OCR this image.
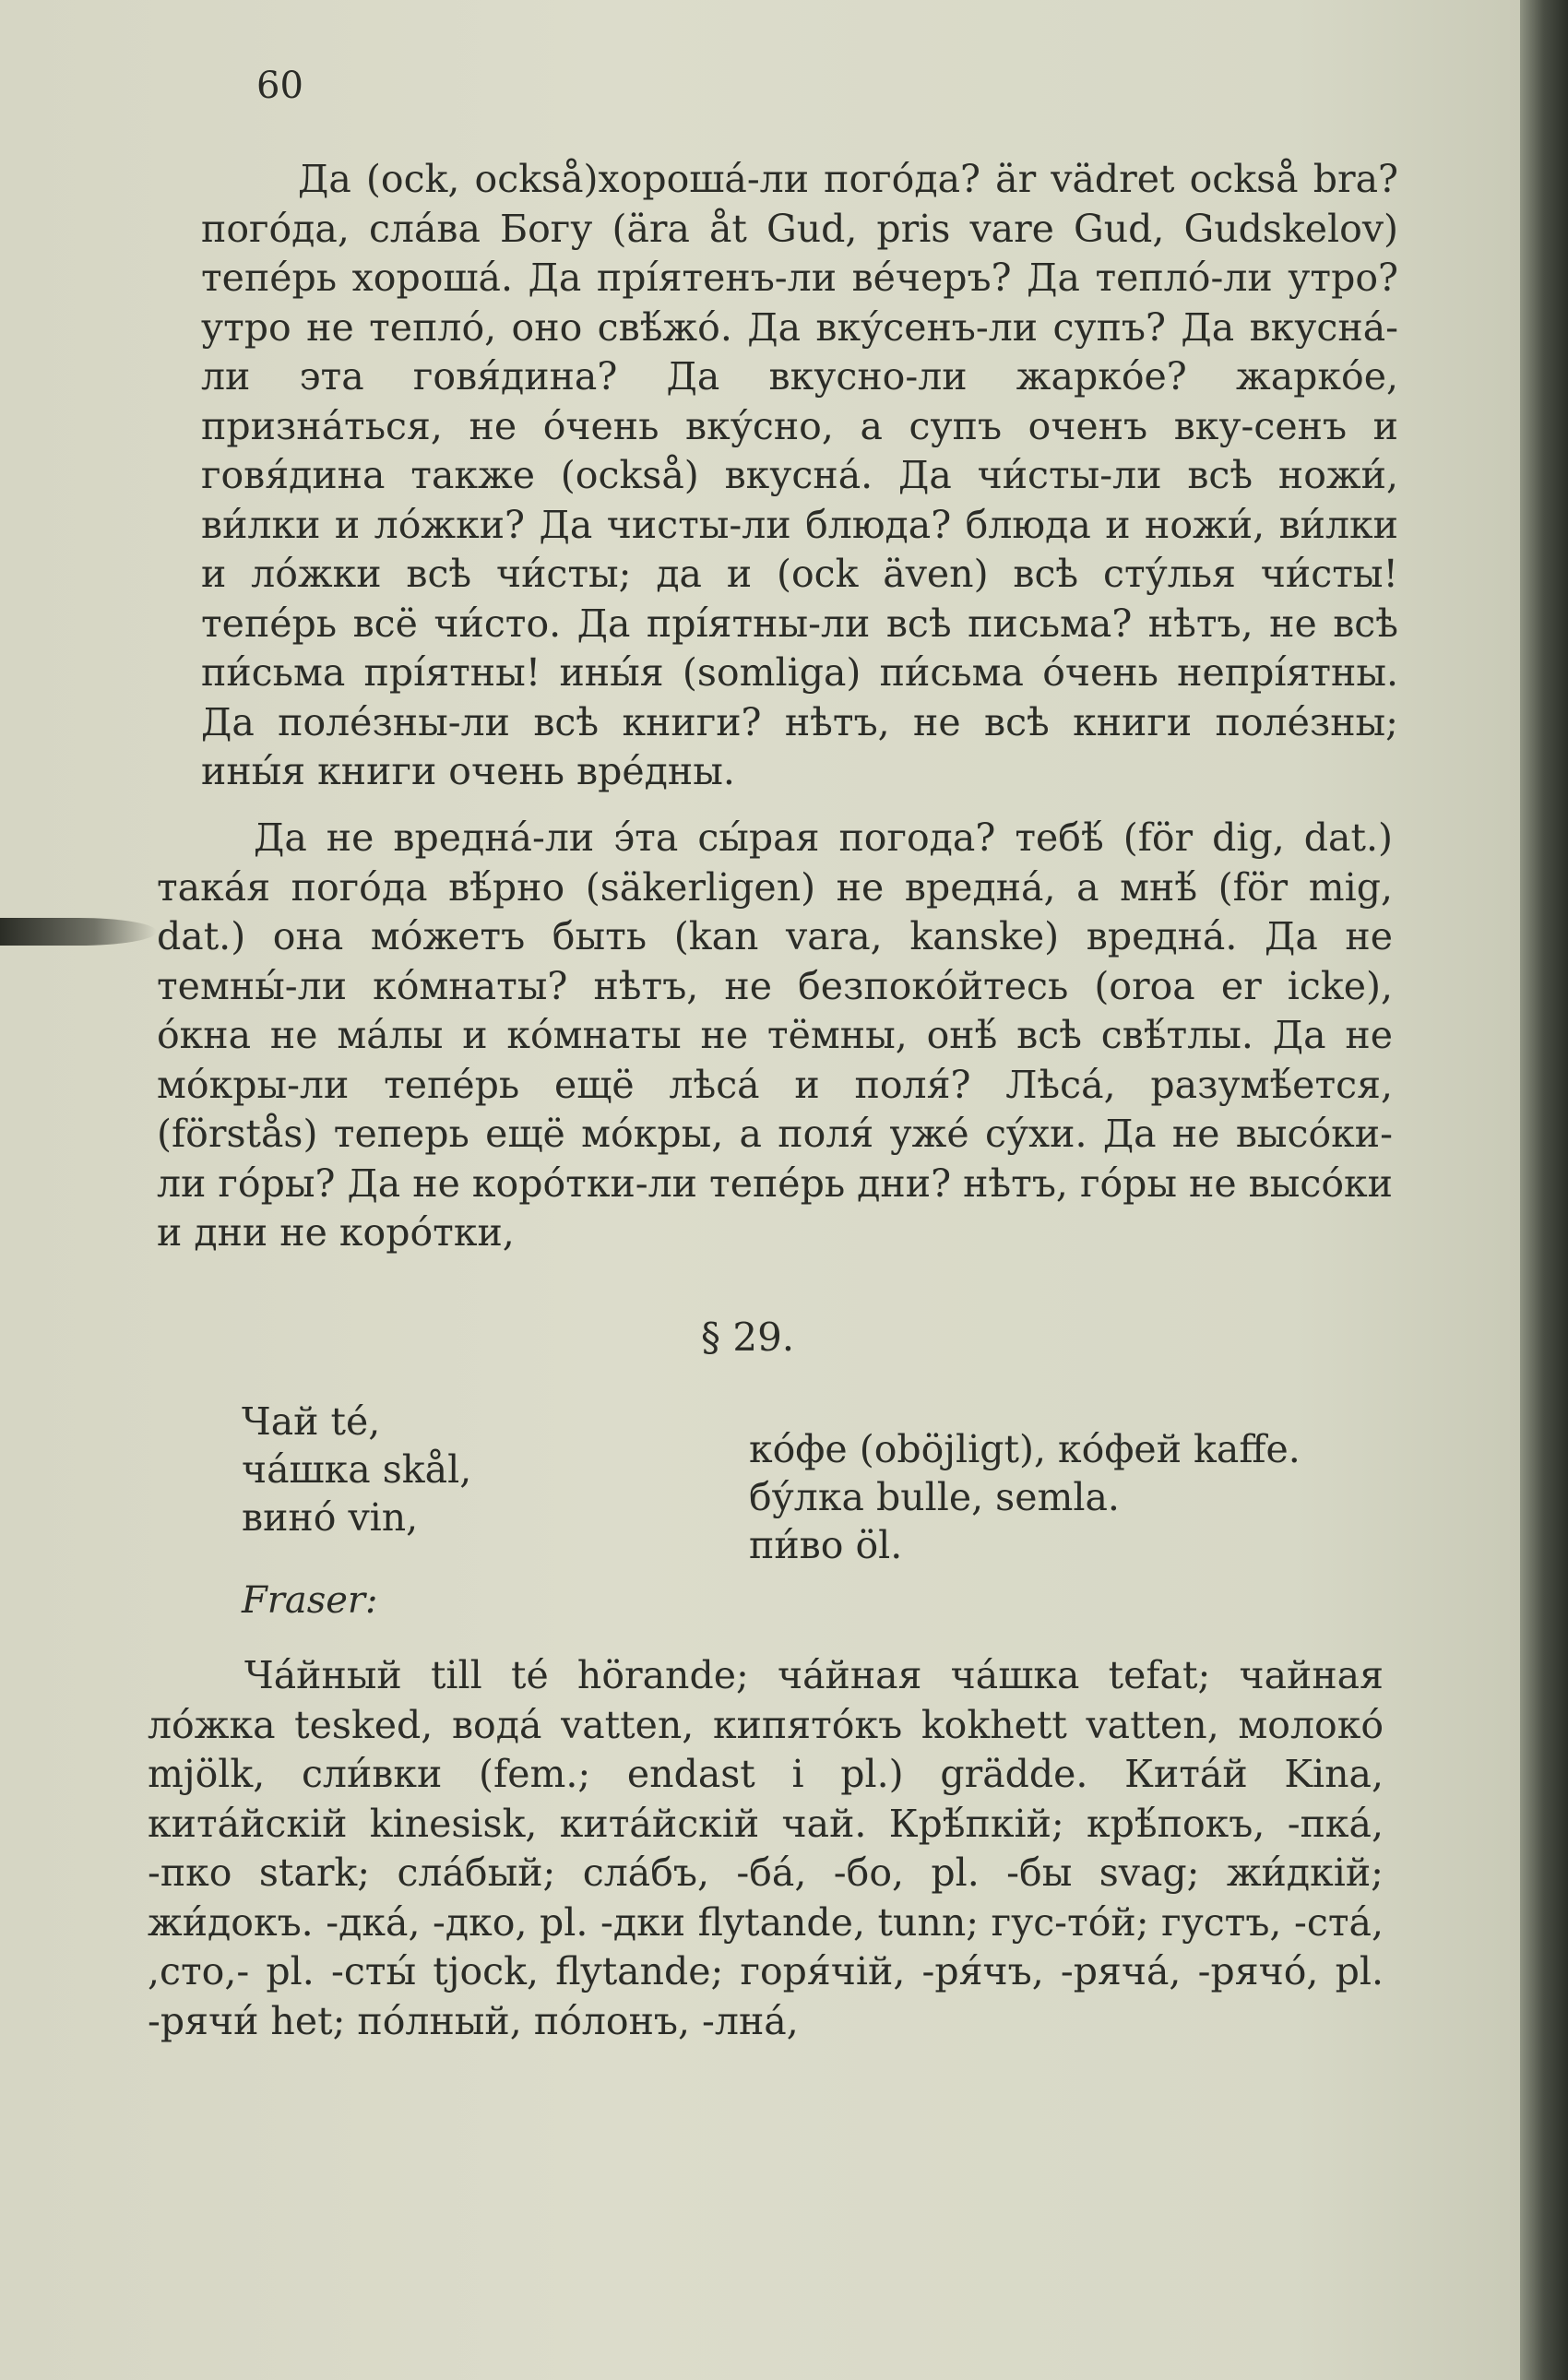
60

Да (ock, också)хороша́-ли пого́да? är vädret också bra? пого́да, сла́ва Богу (ära åt Gud, pris vare Gud, Gudskelov) тепе́рь хороша́. Да прі́ятенъ-ли ве́черъ? Да тепло́-ли утро? утро не тепло́, оно свѣ́жо́. Да вку́сенъ-ли супъ? Да вкусна́-ли эта говя́дина? Да вкусно-ли жарко́е? жарко́е, призна́ться, не о́чень вку́сно, а супъ оченъ вку-сенъ и говя́дина также (också) вкусна́. Да чи́сты-ли всѣ ножи́, ви́лки и ло́жки? Да чисты-ли блюда? блюда и ножи́, ви́лки и ло́жки всѣ чи́сты; да и (ock även) всѣ сту́лья чи́сты! тепе́рь всё чи́сто. Да прі́ятны-ли всѣ письма? нѣтъ, не всѣ пи́сьма прі́ятны! ины́я (somliga) пи́сьма о́чень непрі́ятны. Да поле́зны-ли всѣ книги? нѣтъ, не всѣ книги поле́зны; ины́я книги очень вре́дны.

Да не вредна́-ли э́та сы́рая погода? тебѣ́ (för dig, dat.) така́я пого́да вѣ́рно (säkerligen) не вредна́, а мнѣ́ (för mig, dat.) она мо́жетъ быть (kan vara, kanske) вредна́. Да не темны́-ли ко́мнаты? нѣтъ, не безпоко́йтесь (oroa er icke), о́кна не ма́лы и ко́мнаты не тёмны, онѣ́ всѣ свѣ́тлы. Да не мо́кры-ли тепе́рь ещё лѣса́ и поля́? Лѣса́, разумѣ́ется, (förstås) теперь ещё мо́кры, а поля́ уже́ су́хи. Да не высо́ки-ли го́ры? Да не коро́тки-ли тепе́рь дни? нѣтъ, го́ры не высо́ки и дни не коро́тки,

§ 29.
Чай té,
ча́шка skål,
вино́ vin,
ко́фе (oböjligt), ко́фей kaffe.
бу́лка bulle, semla.
пи́во öl.
Fraser:

Ча́йный till té hörande; ча́йная ча́шка tefat; чайная ло́жка tesked, вода́ vatten, кипято́къ kokhett vatten, молоко́ mjölk, сли́вки (fem.; endast i pl.) grädde. Кита́й Kina, кита́йскій kinesisk, кита́йскій чай. Крѣ́пкій; крѣ́покъ, -пка́, -пко stark; сла́бый; сла́бъ, -ба́, -бо, pl. -бы svag; жи́дкій; жи́докъ. -дка́, -дко, pl. -дки flytande, tunn; гус-то́й; густъ, -ста́, ,сто,- pl. -сты́ tjock, flytande; горя́чій, -ря́чъ, -ряча́, -рячо́, pl. -рячи́ het; по́лный, по́лонъ, -лна́,
